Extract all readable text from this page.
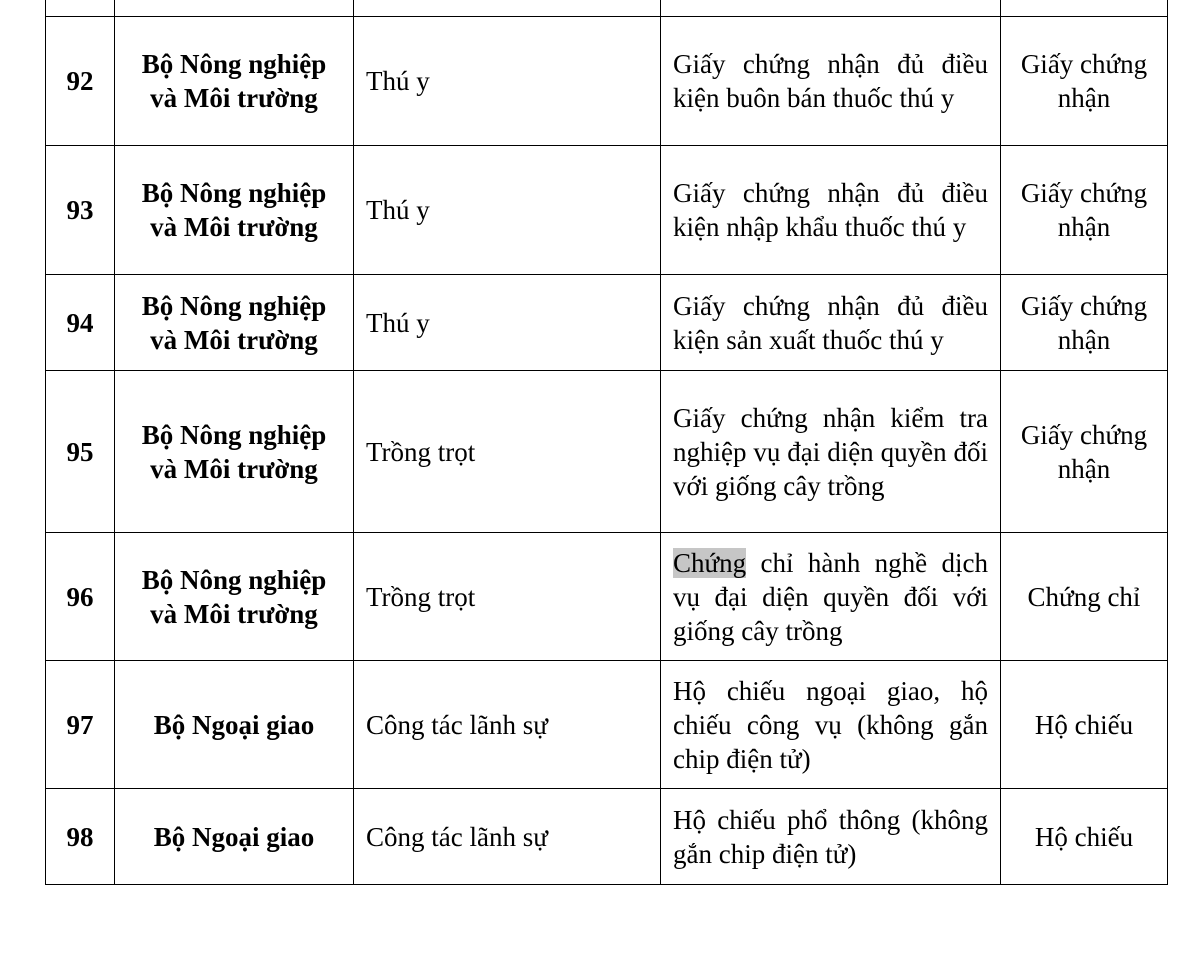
92	Bộ Nông nghiệp và Môi trường	Thú y	Giấy chứng nhận đủ điều kiện buôn bán thuốc thú y	Giấy chứng nhận
93	Bộ Nông nghiệp và Môi trường	Thú y	Giấy chứng nhận đủ điều kiện nhập khẩu thuốc thú y	Giấy chứng nhận
94	Bộ Nông nghiệp và Môi trường	Thú y	Giấy chứng nhận đủ điều kiện sản xuất thuốc thú y	Giấy chứng nhận
95	Bộ Nông nghiệp và Môi trường	Trồng trọt	Giấy chứng nhận kiểm tra nghiệp vụ đại diện quyền đối với giống cây trồng	Giấy chứng nhận
96	Bộ Nông nghiệp và Môi trường	Trồng trọt	Chứng chỉ hành nghề dịch vụ đại diện quyền đối với giống cây trồng	Chứng chỉ
97	Bộ Ngoại giao	Công tác lãnh sự	Hộ chiếu ngoại giao, hộ chiếu công vụ (không gắn chip điện tử)	Hộ chiếu
98	Bộ Ngoại giao	Công tác lãnh sự	Hộ chiếu phổ thông (không gắn chip điện tử)	Hộ chiếu
